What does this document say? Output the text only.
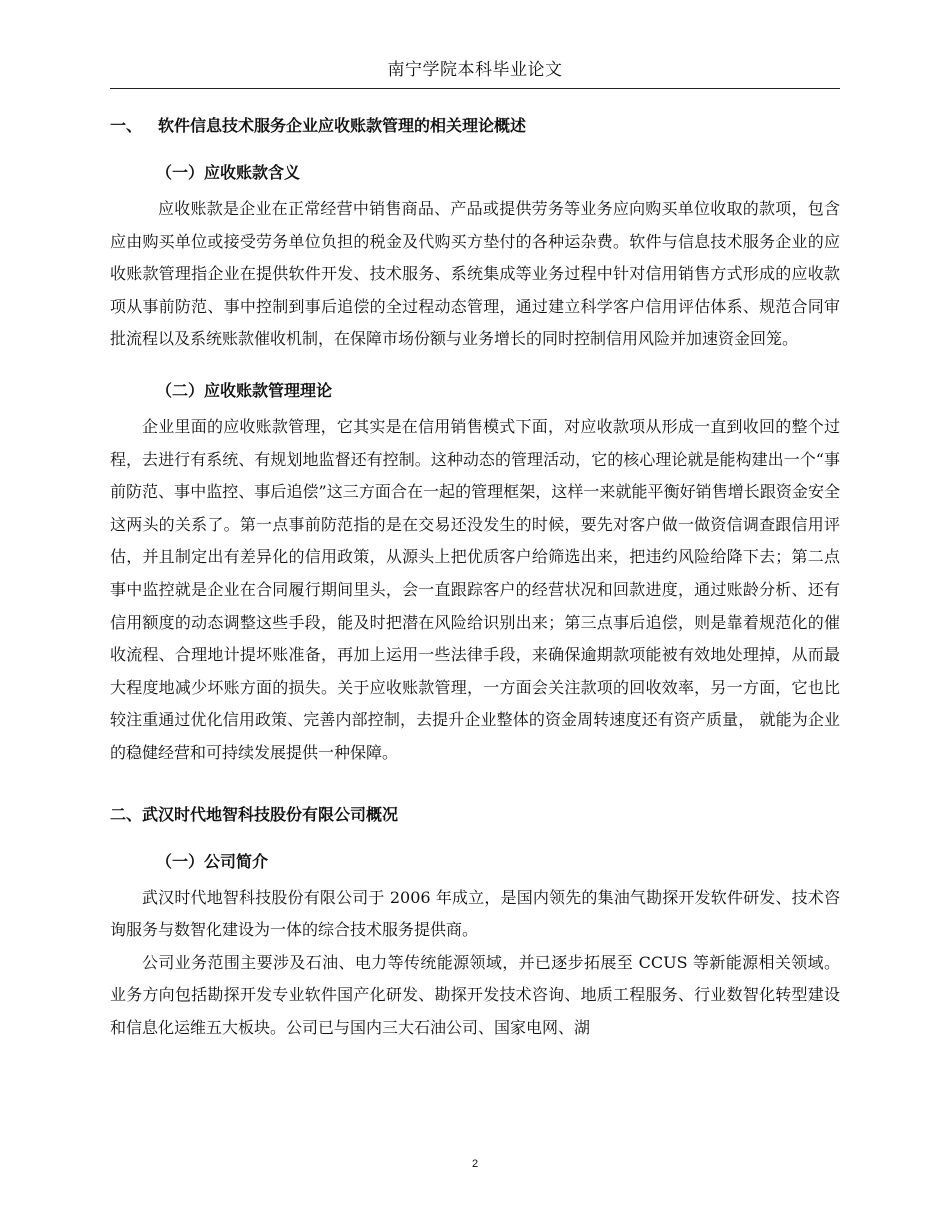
南宁学院本科毕业论文
一、 软件信息技术服务企业应收账款管理的相关理论概述
（一）应收账款含义

应收账款是企业在正常经营中销售商品、产品或提供劳务等业务应向购买单位收取的款项，包含应由购买单位或接受劳务单位负担的税金及代购买方垫付的各种运杂费。软件与信息技术服务企业的应收账款管理指企业在提供软件开发、技术服务、系统集成等业务过程中针对信用销售方式形成的应收款项从事前防范、事中控制到事后追偿的全过程动态管理，通过建立科学客户信用评估体系、规范合同审批流程以及系统账款催收机制，在保障市场份额与业务增长的同时控制信用风险并加速资金回笼。

（二）应收账款管理理论

企业里面的应收账款管理，它其实是在信用销售模式下面，对应收款项从形成一直到收回的整个过程，去进行有系统、有规划地监督还有控制。这种动态的管理活动，它的核心理论就是能构建出一个“事前防范、事中监控、事后追偿”这三方面合在一起的管理框架，这样一来就能平衡好销售增长跟资金安全这两头的关系了。第一点事前防范指的是在交易还没发生的时候，要先对客户做一做资信调查跟信用评估，并且制定出有差异化的信用政策，从源头上把优质客户给筛选出来，把违约风险给降下去；第二点事中监控就是企业在合同履行期间里头，会一直跟踪客户的经营状况和回款进度，通过账龄分析、还有信用额度的动态调整这些手段，能及时把潜在风险给识别出来；第三点事后追偿，则是靠着规范化的催收流程、合理地计提坏账准备，再加上运用一些法律手段，来确保逾期款项能被有效地处理掉，从而最大程度地减少坏账方面的损失。关于应收账款管理，一方面会关注款项的回收效率，另一方面，它也比较注重通过优化信用政策、完善内部控制，去提升企业整体的资金周转速度还有资产质量， 就能为企业的稳健经营和可持续发展提供一种保障。

二、武汉时代地智科技股份有限公司概况
（一）公司简介

武汉时代地智科技股份有限公司于 2006 年成立，是国内领先的集油气勘探开发软件研发、技术咨询服务与数智化建设为一体的综合技术服务提供商。

公司业务范围主要涉及石油、电力等传统能源领域，并已逐步拓展至 CCUS 等新能源相关领域。业务方向包括勘探开发专业软件国产化研发、勘探开发技术咨询、地质工程服务、行业数智化转型建设和信息化运维五大板块。公司已与国内三大石油公司、国家电网、湖

2
